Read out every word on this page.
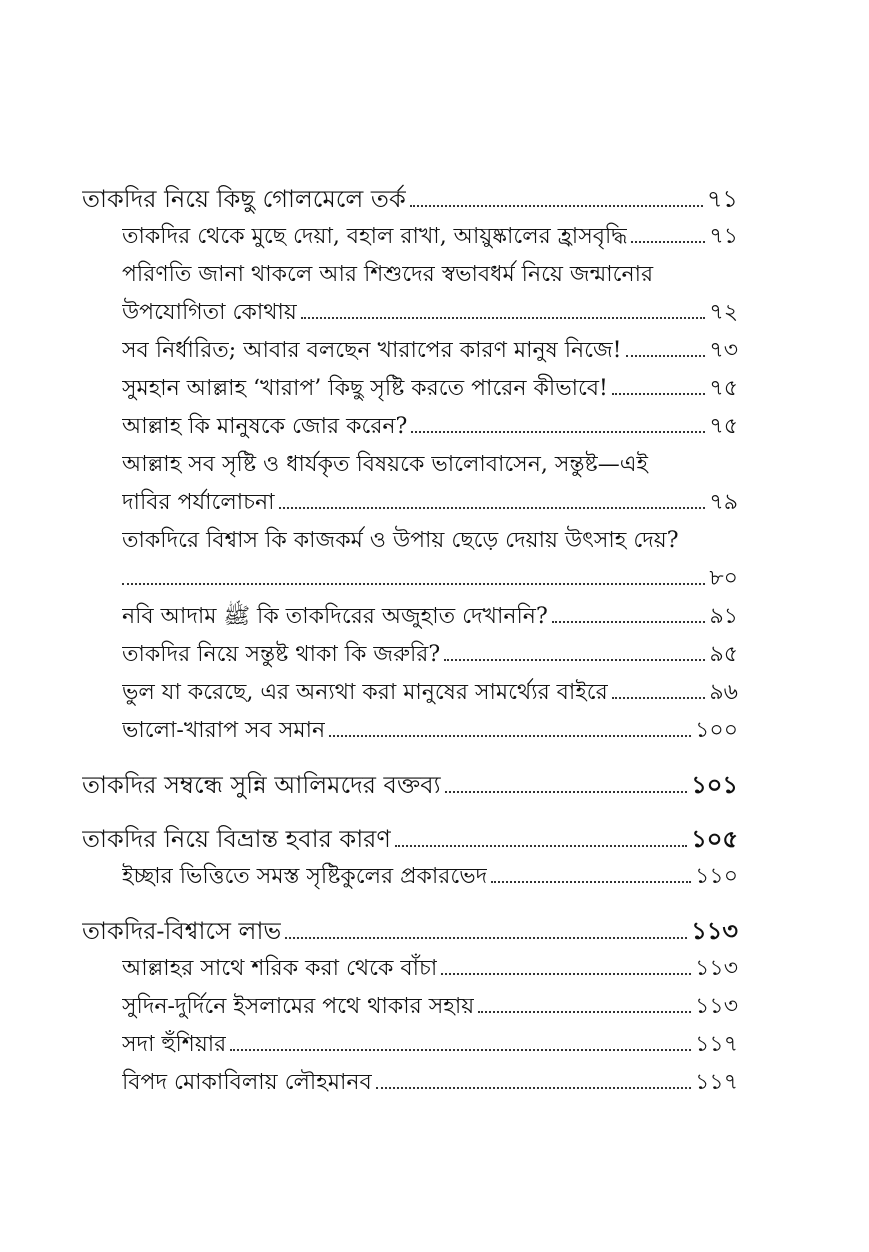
তাকদির নিয়ে কিছু গোলমেলে তর্ক	৭১
তাকদির থেকে মুছে দেয়া, বহাল রাখা, আয়ুষ্কালের হ্রাসবৃদ্ধি	৭১
পরিণতি জানা থাকলে আর শিশুদের স্বভাবধর্ম নিয়ে জন্মানোর
উপযোগিতা কোথায়	৭২
সব নির্ধারিত; আবার বলছেন খারাপের কারণ মানুষ নিজে!	৭৩
সুমহান আল্লাহ ‘খারাপ’ কিছু সৃষ্টি করতে পারেন কীভাবে!	৭৫
আল্লাহ কি মানুষকে জোর করেন?	৭৫
আল্লাহ সব সৃষ্টি ও ধার্যকৃত বিষয়কে ভালোবাসেন, সন্তুষ্ট—এই
দাবির পর্যালোচনা	৭৯
তাকদিরে বিশ্বাস কি কাজকর্ম ও উপায় ছেড়ে দেয়ায় উৎসাহ দেয়?
৮০
নবি আদাম ﷺ কি তাকদিরের অজুহাত দেখাননি?	৯১
তাকদির নিয়ে সন্তুষ্ট থাকা কি জরুরি?	৯৫
ভুল যা করেছে, এর অন্যথা করা মানুষের সামর্থ্যের বাইরে	৯৬
ভালো-খারাপ সব সমান	১০০
তাকদির সম্বন্ধে সুন্নি আলিমদের বক্তব্য	১০১
তাকদির নিয়ে বিভ্রান্ত হবার কারণ	১০৫
ইচ্ছার ভিত্তিতে সমস্ত সৃষ্টিকুলের প্রকারভেদ	১১০
তাকদির-বিশ্বাসে লাভ	১১৩
আল্লাহর সাথে শরিক করা থেকে বাঁচা	১১৩
সুদিন-দুর্দিনে ইসলামের পথে থাকার সহায়	১১৩
সদা হুঁশিয়ার	১১৭
বিপদ মোকাবিলায় লৌহমানব	১১৭
